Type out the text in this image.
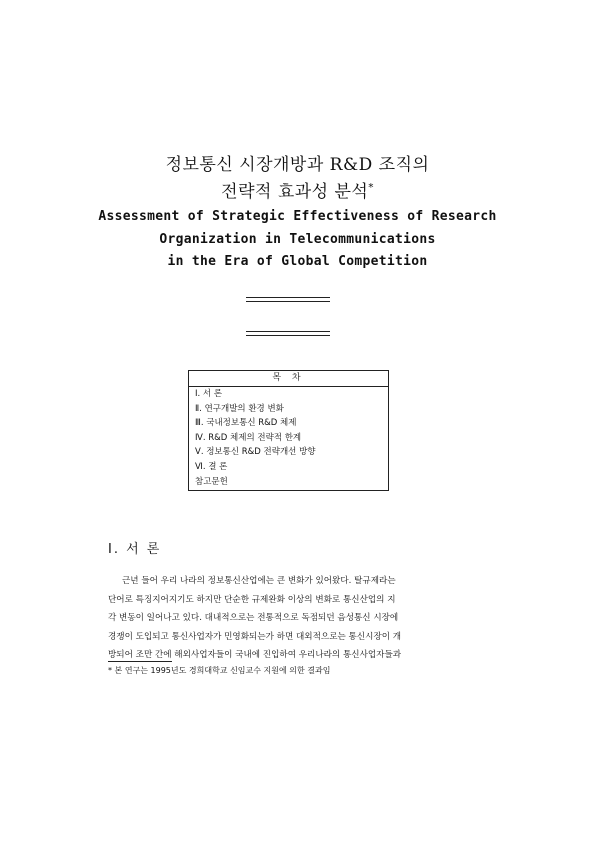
정보통신 시장개방과 R&D 조직의
전략적 효과성 분석*
Assessment of Strategic Effectiveness of Research
Organization in Telecommunications
in the Era of Global Competition
목 차
Ⅰ. 서 론
Ⅱ. 연구개발의 환경 변화
Ⅲ. 국내정보통신 R&D 체제
Ⅳ. R&D 체제의 전략적 한계
Ⅴ. 정보통신 R&D 전략개선 방향
Ⅵ. 결 론
참고문헌
Ⅰ. 서 론
근년 들어 우리 나라의 정보통신산업에는 큰 변화가 있어왔다. 탈규제라는
단어로 특징지어지기도 하지만 단순한 규제완화 이상의 변화로 통신산업의 지
각 변동이 일어나고 있다. 대내적으로는 전통적으로 독점되던 음성통신 시장에
경쟁이 도입되고 통신사업자가 민영화되는가 하면 대외적으로는 통신시장이 개
방되어 조만 간에 해외사업자들이 국내에 진입하여 우리나라의 통신사업자들과
* 본 연구는 1995년도 경희대학교 신임교수 지원에 의한 결과임
